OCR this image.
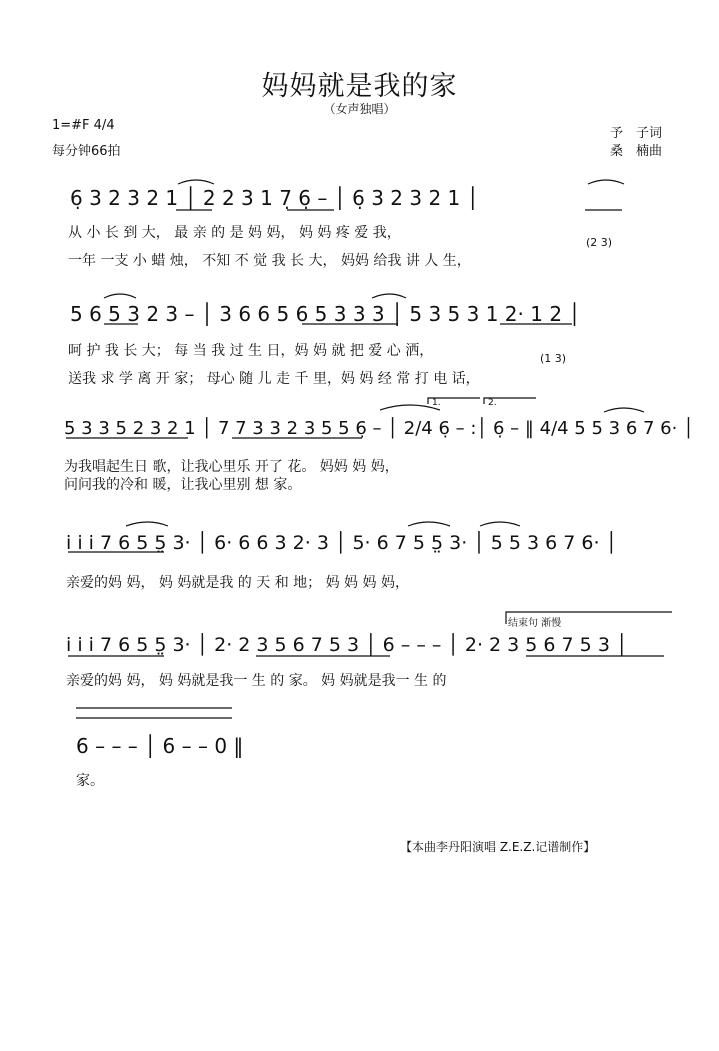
妈妈就是我的家
（女声独唱）
1=#F 4/4
每分钟66拍
予　子词
桑　楠曲
1.	2.
结束句 渐慢
(2 3)
(1 3)
6̣ 3 2 3 2 1 │ 2 2 3 1 7̣ 6̣ – │ 6̣ 3 2 3 2 1 │
从 小 长 到 大， 最 亲 的 是 妈 妈， 妈 妈 疼 爱 我，
一年 一支 小 蜡 烛， 不知 不 觉 我 长 大， 妈妈 给我 讲 人 生，
5 6 5 3 2 3 – │ 3 6 6 5 6 5 3 3 3 │ 5 3 5 3 1 2· 1 2 │
呵 护 我 长 大； 每 当 我 过 生 日，妈 妈 就 把 爱 心 洒，
送我 求 学 离 开 家； 母心 随 儿 走 千 里，妈 妈 经 常 打 电 话，
5 3 3 5 2 3 2 1 │ 7 7 3 3 2 3 5 5 6̣ – │ 2/4 6̣ – :│ 6̣ – ‖ 4/4 5 5 3 6 7 6· │
为我唱起生日 歌，让我心里乐 开了 花。 妈妈 妈 妈，
问问我的冷和 暖，让我心里别 想 家。
i i i 7 6 5 5̤ 3· │ 6· 6 6 3 2· 3 │ 5· 6 7 5 5̤ 3· │ 5 5 3 6 7 6· │
亲爱的妈 妈， 妈 妈就是我 的 天 和 地； 妈 妈 妈 妈，
i i i 7 6 5 5̤ 3· │ 2· 2 3 5 6 7 5 3 │ 6 – – – │ 2· 2 3 5 6 7 5 3 │
亲爱的妈 妈， 妈 妈就是我一 生 的 家。 妈 妈就是我一 生 的
6 – – – │ 6 – – 0 ‖
家。
【本曲李丹阳演唱 Z.E.Z.记谱制作】
